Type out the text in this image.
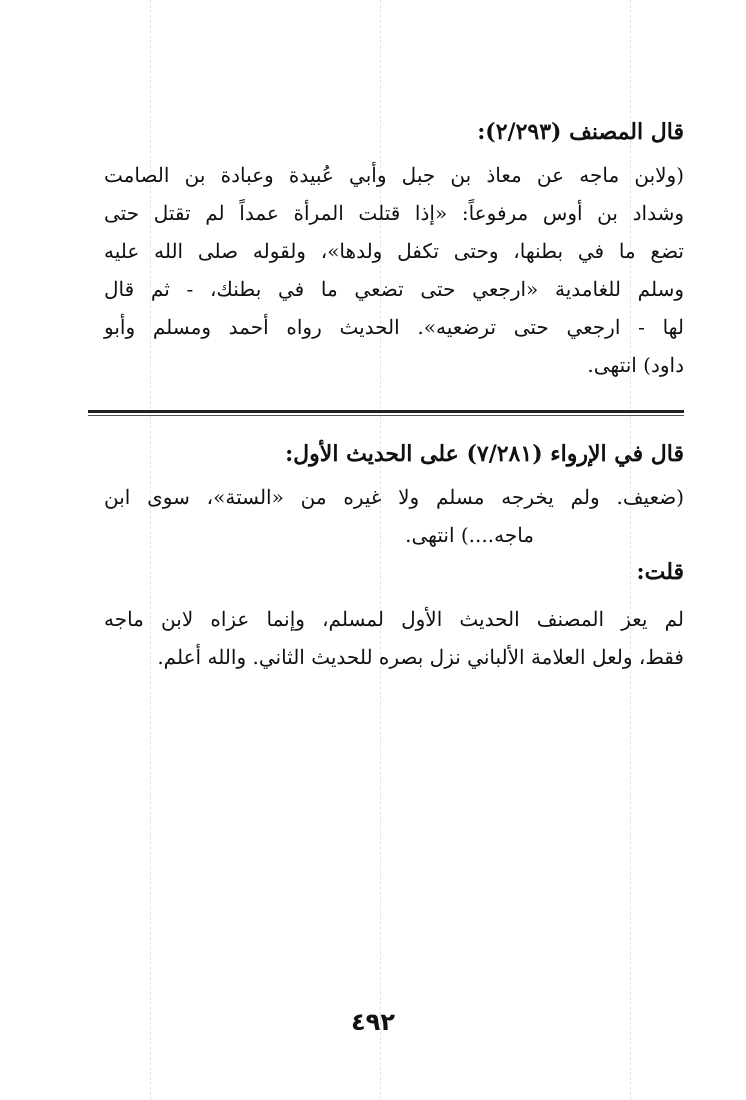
قال المصنف (٢/٢٩٣):
(ولابن ماجه عن معاذ بن جبل وأبي عُبيدة وعبادة بن الصامت
وشداد بن أوس مرفوعاً: «إذا قتلت المرأة عمداً لم تقتل حتى
تضع ما في بطنها، وحتى تكفل ولدها»، ولقوله صلى الله عليه
وسلم للغامدية «ارجعي حتى تضعي ما في بطنك، - ثم قال
لها - ارجعي حتى ترضعيه». الحديث رواه أحمد ومسلم وأبو
داود) انتهى.
قال في الإرواء (٧/٢٨١) على الحديث الأول:
(ضعيف. ولم يخرجه مسلم ولا غيره من «الستة»، سوى ابن
ماجه....) انتهى.
قلت:
لم يعز المصنف الحديث الأول لمسلم، وإنما عزاه لابن ماجه
فقط، ولعل العلامة الألباني نزل بصره للحديث الثاني. والله أعلم.
٤٩٢
